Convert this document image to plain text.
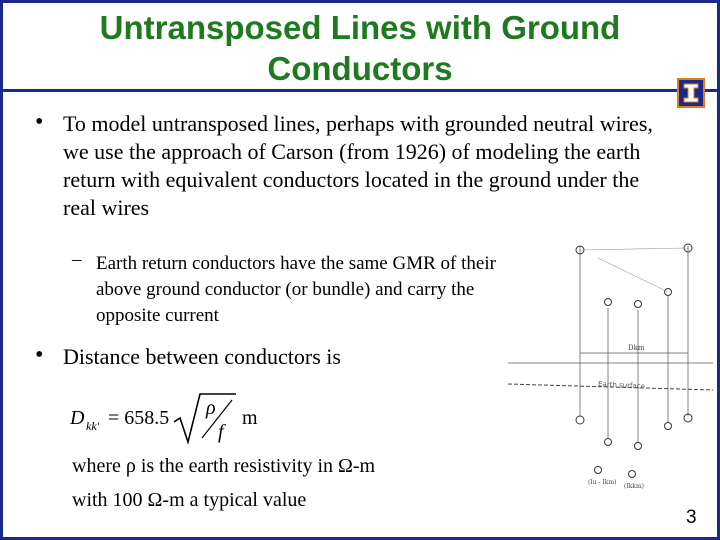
Untransposed Lines with Ground Conductors
• To model untransposed lines, perhaps with grounded neutral wires, we use the approach of Carson (from 1926) of modeling the earth return with equivalent conductors located in the ground under the real wires
– Earth return conductors have the same GMR of their above ground conductor (or bundle) and carry the opposite current
• Distance between conductors is
D kk' = 658.5 ρ
f
m
where ρ is the earth resistivity in Ω-m
with 100 Ω-m a typical value
Earth surface
Dkm
(Iu - Ikm)
(Ikkm)
3
